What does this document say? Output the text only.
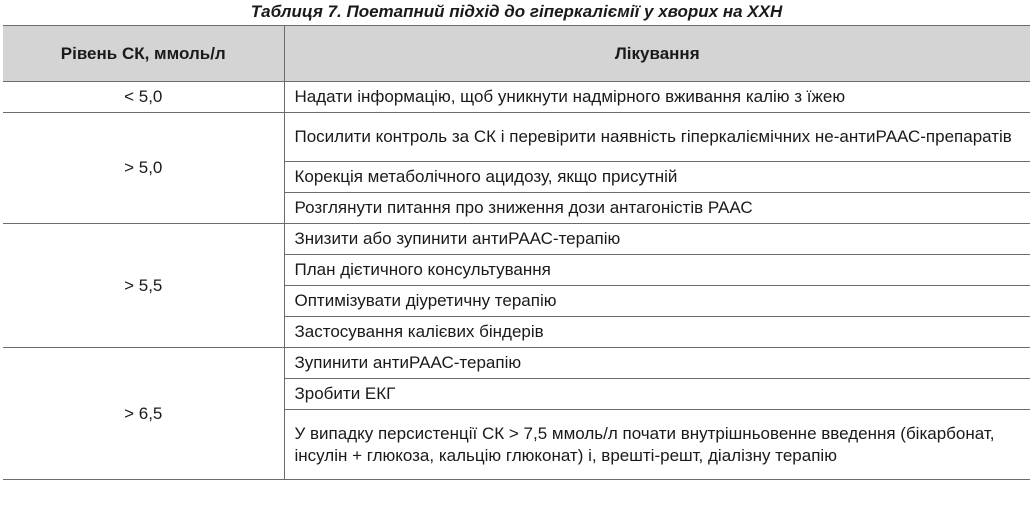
Таблиця 7. Поетапний підхід до гіперкаліємії у хворих на ХХН
Рівень СК, ммоль/л	Лікування
< 5,0	Надати інформацію, щоб уникнути надмірного вживання калію з їжею
> 5,0	Посилити контроль за СК і перевірити наявність гіперкаліємічних не-антиРААС-препаратів
	Корекція метаболічного ацидозу, якщо присутній
	Розглянути питання про зниження дози антагоністів РААС
> 5,5	Знизити або зупинити антиРААС-терапію
	План дієтичного консультування
	Оптимізувати діуретичну терапію
	Застосування калієвих біндерів
> 6,5	Зупинити антиРААС-терапію
	Зробити ЕКГ
	У випадку персистенції СК > 7,5 ммоль/л почати внутрішньовенне введення (бікарбонат, інсулін + глюкоза, кальцію глюконат) і, врешті-решт, діалізну терапію
